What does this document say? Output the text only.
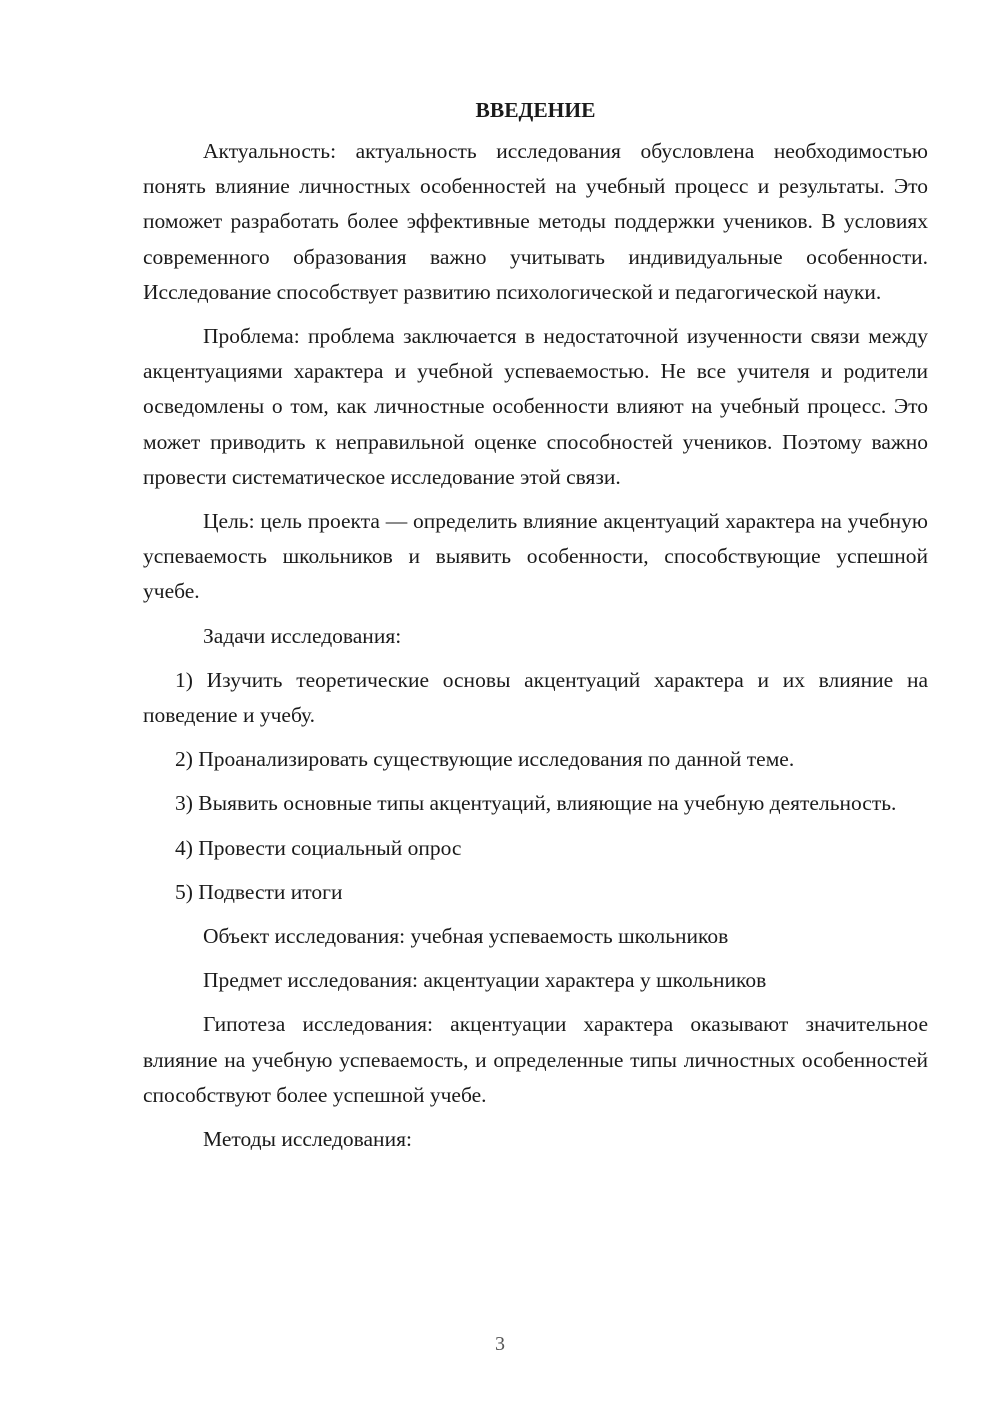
ВВЕДЕНИЕ

Актуальность: актуальность исследования обусловлена необходимостью понять влияние личностных особенностей на учебный процесс и результаты. Это поможет разработать более эффективные методы поддержки учеников. В условиях современного образования важно учитывать индивидуальные особенности. Исследование способствует развитию психологической и педагогической науки.

Проблема: проблема заключается в недостаточной изученности связи между акцентуациями характера и учебной успеваемостью. Не все учителя и родители осведомлены о том, как личностные особенности влияют на учебный процесс. Это может приводить к неправильной оценке способностей учеников. Поэтому важно провести систематическое исследование этой связи.

Цель: цель проекта — определить влияние акцентуаций характера на учебную успеваемость школьников и выявить особенности, способствующие успешной учебе.

Задачи исследования:

1) Изучить теоретические основы акцентуаций характера и их влияние на поведение и учебу.

2) Проанализировать существующие исследования по данной теме.

3) Выявить основные типы акцентуаций, влияющие на учебную деятельность.

4) Провести социальный опрос

5) Подвести итоги

Объект исследования: учебная успеваемость школьников

Предмет исследования: акцентуации характера у школьников

Гипотеза исследования: акцентуации характера оказывают значительное влияние на учебную успеваемость, и определенные типы личностных особенностей способствуют более успешной учебе.

Методы исследования:

3
